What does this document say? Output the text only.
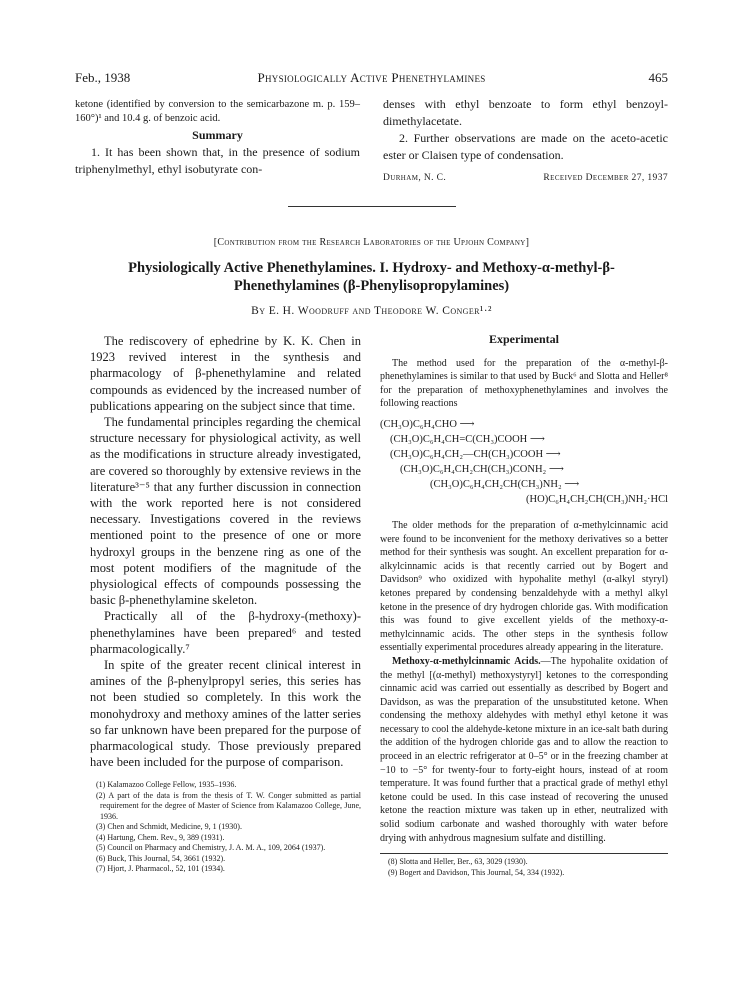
Feb., 1938	Physiologically Active Phenethylamines	465
ketone (identified by conversion to the semicarbazone m. p. 159–160°)¹ and 10.4 g. of benzoic acid.
Summary

1. It has been shown that, in the presence of sodium triphenylmethyl, ethyl isobutyrate con-

denses with ethyl benzoate to form ethyl benzoyl-dimethylacetate.

2. Further observations are made on the aceto-acetic ester or Claisen type of condensation.

Durham, N. C.	Received December 27, 1937
[Contribution from the Research Laboratories of the Upjohn Company]
Physiologically Active Phenethylamines. I. Hydroxy- and Methoxy-α-methyl-β-
Phenethylamines (β-Phenylisopropylamines)
By E. H. Woodruff and Theodore W. Conger¹·²

The rediscovery of ephedrine by K. K. Chen in 1923 revived interest in the synthesis and pharmacology of β-phenethylamine and related compounds as evidenced by the increased number of publications appearing on the subject since that time.

The fundamental principles regarding the chemical structure necessary for physiological activity, as well as the modifications in structure already investigated, are covered so thoroughly by extensive reviews in the literature³⁻⁵ that any further discussion in connection with the work reported here is not considered necessary. Investigations covered in the reviews mentioned point to the presence of one or more hydroxyl groups in the benzene ring as one of the most potent modifiers of the magnitude of the physiological effects of compounds possessing the basic β-phenethylamine skeleton.

Practically all of the β-hydroxy-(methoxy)-phenethylamines have been prepared⁶ and tested pharmacologically.⁷

In spite of the greater recent clinical interest in amines of the β-phenylpropyl series, this series has not been studied so completely. In this work the monohydroxy and methoxy amines of the latter series so far unknown have been prepared for the purpose of pharmacological study. Those previously prepared have been included for the purpose of comparison.

(1) Kalamazoo College Fellow, 1935–1936.
(2) A part of the data is from the thesis of T. W. Conger submitted as partial requirement for the degree of Master of Science from Kalamazoo College, June, 1936.
(3) Chen and Schmidt, Medicine, 9, 1 (1930).
(4) Hartung, Chem. Rev., 9, 389 (1931).
(5) Council on Pharmacy and Chemistry, J. A. M. A., 109, 2064 (1937).
(6) Buck, This Journal, 54, 3661 (1932).
(7) Hjort, J. Pharmacol., 52, 101 (1934).
Experimental

The method used for the preparation of the α-methyl-β-phenethylamines is similar to that used by Buck⁶ and Slotta and Heller⁸ for the preparation of methoxyphenethylamines and involves the following reactions

(CH₃O)C₆H₄CHO ⟶
(CH₃O)C₆H₄CH=C(CH₃)COOH ⟶
(CH₃O)C₆H₄CH₂—CH(CH₃)COOH ⟶
(CH₃O)C₆H₄CH₂CH(CH₃)CONH₂ ⟶
(CH₃O)C₆H₄CH₂CH(CH₃)NH₂ ⟶
(HO)C₆H₄CH₂CH(CH₃)NH₂·HCl

The older methods for the preparation of α-methylcinnamic acid were found to be inconvenient for the methoxy derivatives so a better method for their synthesis was sought. An excellent preparation for α-alkylcinnamic acids is that recently carried out by Bogert and Davidson⁹ who oxidized with hypohalite methyl (α-alkyl styryl) ketones prepared by condensing benzaldehyde with a methyl alkyl ketone in the presence of dry hydrogen chloride gas. With modification this was found to give excellent yields of the methoxy-α-methylcinnamic acids. The other steps in the synthesis follow essentially experimental procedures already appearing in the literature.

Methoxy-α-methylcinnamic Acids.—The hypohalite oxidation of the methyl [(α-methyl) methoxystyryl] ketones to the corresponding cinnamic acid was carried out essentially as described by Bogert and Davidson, as was the preparation of the unsubstituted ketone. When condensing the methoxy aldehydes with methyl ethyl ketone it was necessary to cool the aldehyde-ketone mixture in an ice-salt bath during the addition of the hydrogen chloride gas and to allow the reaction to proceed in an electric refrigerator at 0–5° or in the freezing chamber at −10 to −5° for twenty-four to forty-eight hours, instead of at room temperature. It was found further that a practical grade of methyl ethyl ketone could be used. In this case instead of recovering the unused ketone the reaction mixture was taken up in ether, neutralized with solid sodium carbonate and washed thoroughly with water before drying with anhydrous magnesium sulfate and distilling.

(8) Slotta and Heller, Ber., 63, 3029 (1930).
(9) Bogert and Davidson, This Journal, 54, 334 (1932).
